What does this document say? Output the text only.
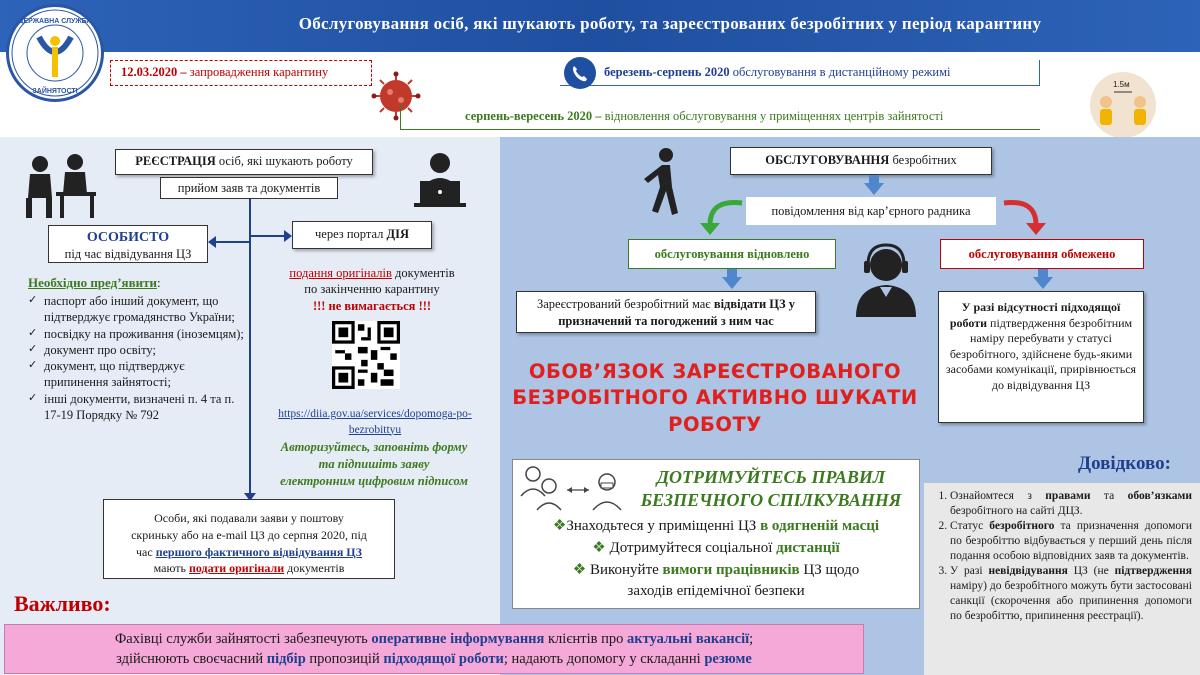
Обслуговування осіб, які шукають роботу, та зареєстрованих безробітних у період карантину
ДЕРЖАВНА СЛУЖБА
ЗАЙНЯТОСТІ
12.03.2020 – запровадження карантину	березень-серпень 2020 обслуговування в дистанційному режимі
серпень-вересень 2020 – відновлення обслуговування у приміщеннях центрів зайнятості
1.5м
РЕЄСТРАЦІЯ осіб, які шукають роботу
прийом заяв та документів
ОСОБИСТО
під час відвідування ЦЗ
через портал ДІЯ
подання оригіналів документів
по закінченню карантину
!!! не вимагається !!!
https://diia.gov.ua/services/dopomoga-po-
bezrobittyu
Авторизуйтесь, заповніть форму
та підпишіть заяву
електронним цифровим підписом
Необхідно пред’явити:
✓ паспорт або інший документ, що підтверджує громадянство України;
✓ посвідку на проживання (іноземцям);
✓ документ про освіту;
✓ документ, що підтверджує припинення зайнятості;
✓ інші документи, визначені п. 4 та п. 17-19 Порядку № 792
Особи, які подавали заяви у поштову
скриньку або на e-mail ЦЗ до серпня 2020, під
час першого фактичного відвідування ЦЗ
мають подати оригінали документів
Важливо:
Фахівці служби зайнятості забезпечують оперативне інформування клієнтів про актуальні вакансії;
здійснюють своєчасний підбір пропозицій підходящої роботи; надають допомогу у складанні резюме
ОБСЛУГОВУВАННЯ безробітних
повідомлення від кар’єрного радника
обслуговування відновлено	обслуговування обмежено
Зареєстрований безробітний має відвідати ЦЗ у призначений та погоджений з ним час
У разі відсутності підходящої роботи підтвердження безробітним наміру перебувати у статусі безробітного, здійснене будь-якими засобами комунікації, прирівнюється до відвідування ЦЗ
ОБОВ’ЯЗОК ЗАРЕЄСТРОВАНОГО
БЕЗРОБІТНОГО АКТИВНО ШУКАТИ
РОБОТУ
ДОТРИМУЙТЕСЬ ПРАВИЛ
БЕЗПЕЧНОГО СПІЛКУВАННЯ
❖Знаходьтеся у приміщенні ЦЗ в одягненій масці
❖ Дотримуйтеся соціальної дистанції
❖ Виконуйте вимоги працівників ЦЗ щодо
заходів епідемічної безпеки
Довідково:
1. Ознайомтеся з правами та обов’язками безробітного на сайті ДЦЗ.
2. Статус безробітного та призначення допомоги по безробіттю відбувається у перший день після подання особою відповідних заяв та документів.
3. У разі невідвідування ЦЗ (не підтвердження наміру) до безробітного можуть бути застосовані санкції (скорочення або припинення допомоги по безробіттю, припинення реєстрації).
